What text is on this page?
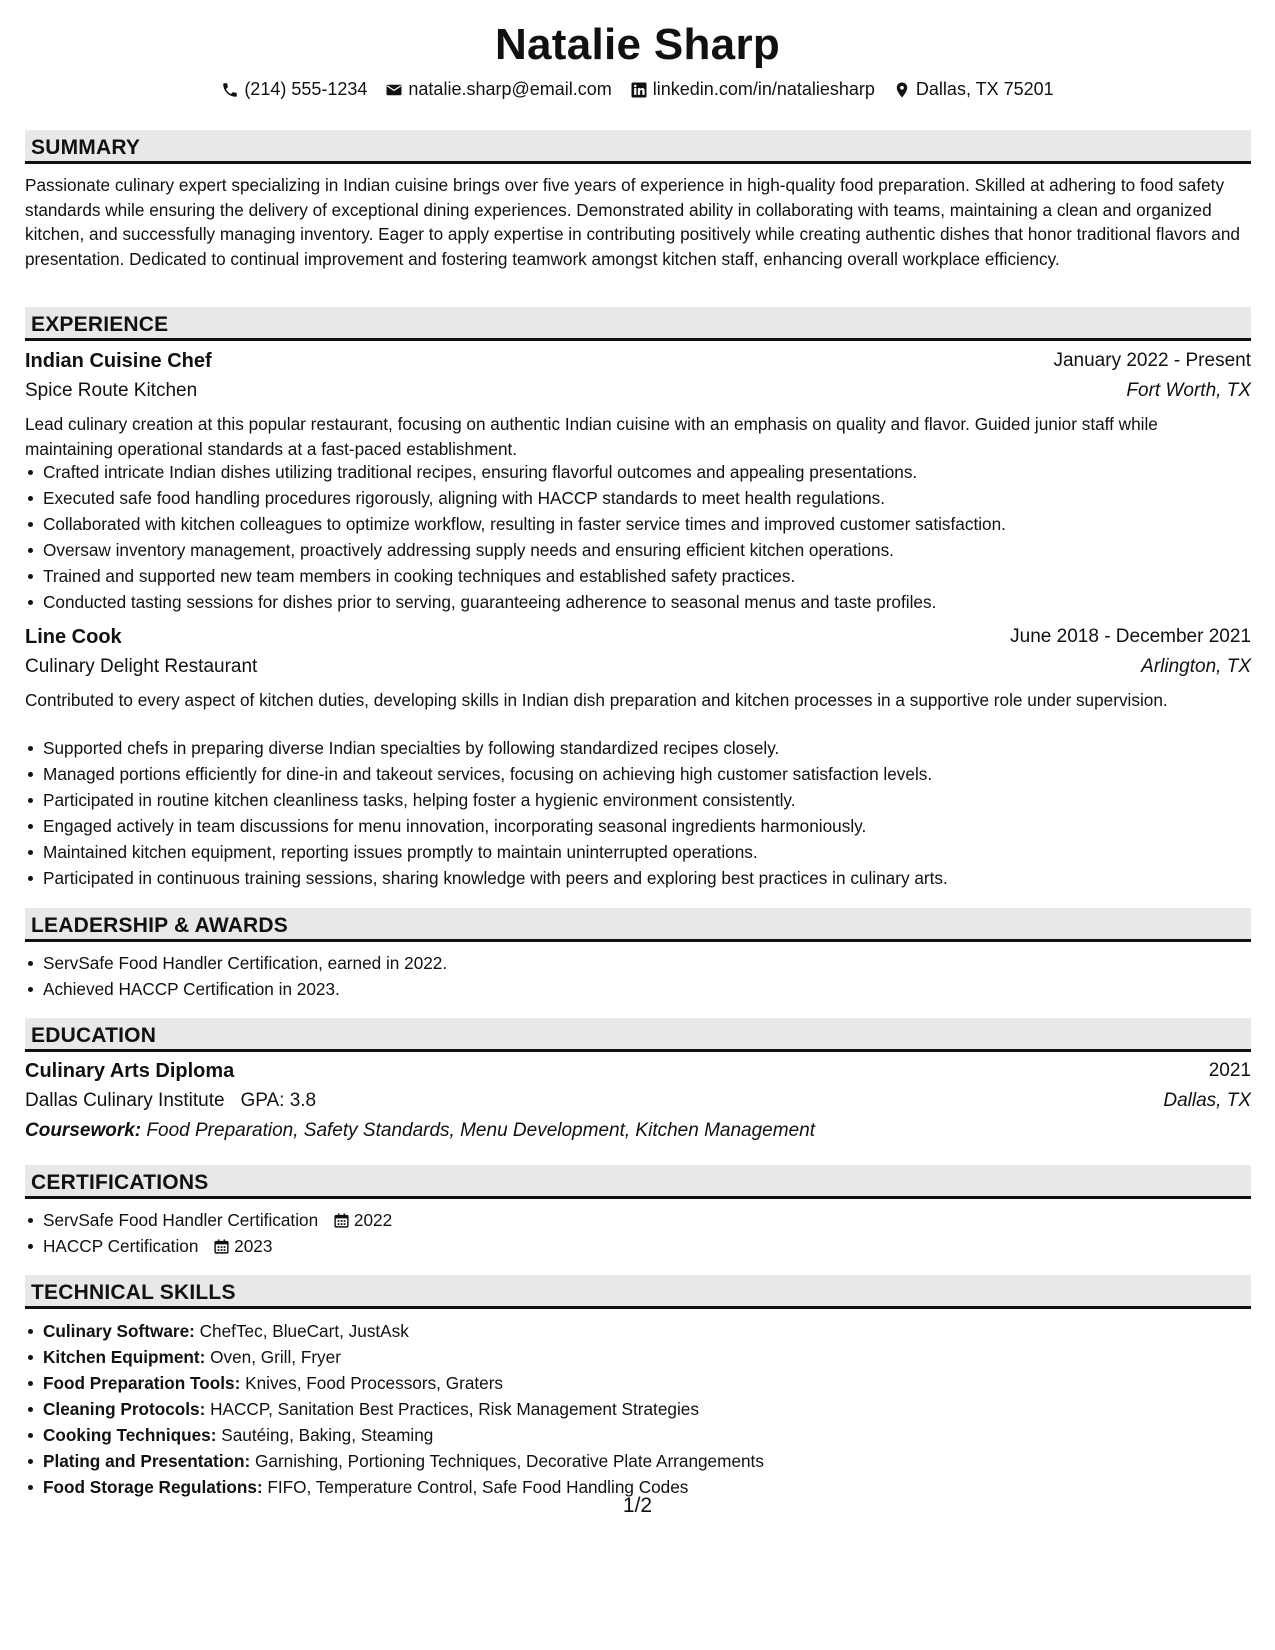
Natalie Sharp
(214) 555-1234 natalie.sharp@email.com linkedin.com/in/nataliesharp Dallas, TX 75201
SUMMARY
Passionate culinary expert specializing in Indian cuisine brings over five years of experience in high-quality food preparation. Skilled at adhering to food safety standards while ensuring the delivery of exceptional dining experiences. Demonstrated ability in collaborating with teams, maintaining a clean and organized kitchen, and successfully managing inventory. Eager to apply expertise in contributing positively while creating authentic dishes that honor traditional flavors and presentation. Dedicated to continual improvement and fostering teamwork amongst kitchen staff, enhancing overall workplace efficiency.
EXPERIENCE
Indian Cuisine Chef	January 2022 - Present
Spice Route Kitchen	Fort Worth, TX
Lead culinary creation at this popular restaurant, focusing on authentic Indian cuisine with an emphasis on quality and flavor. Guided junior staff while maintaining operational standards at a fast-paced establishment.
Crafted intricate Indian dishes utilizing traditional recipes, ensuring flavorful outcomes and appealing presentations.
Executed safe food handling procedures rigorously, aligning with HACCP standards to meet health regulations.
Collaborated with kitchen colleagues to optimize workflow, resulting in faster service times and improved customer satisfaction.
Oversaw inventory management, proactively addressing supply needs and ensuring efficient kitchen operations.
Trained and supported new team members in cooking techniques and established safety practices.
Conducted tasting sessions for dishes prior to serving, guaranteeing adherence to seasonal menus and taste profiles.
Line Cook	June 2018 - December 2021
Culinary Delight Restaurant	Arlington, TX
Contributed to every aspect of kitchen duties, developing skills in Indian dish preparation and kitchen processes in a supportive role under supervision.
Supported chefs in preparing diverse Indian specialties by following standardized recipes closely.
Managed portions efficiently for dine-in and takeout services, focusing on achieving high customer satisfaction levels.
Participated in routine kitchen cleanliness tasks, helping foster a hygienic environment consistently.
Engaged actively in team discussions for menu innovation, incorporating seasonal ingredients harmoniously.
Maintained kitchen equipment, reporting issues promptly to maintain uninterrupted operations.
Participated in continuous training sessions, sharing knowledge with peers and exploring best practices in culinary arts.
LEADERSHIP & AWARDS
ServSafe Food Handler Certification, earned in 2022.
Achieved HACCP Certification in 2023.
EDUCATION
Culinary Arts Diploma	2021
Dallas Culinary Institute GPA: 3.8	Dallas, TX
Coursework: Food Preparation, Safety Standards, Menu Development, Kitchen Management
CERTIFICATIONS
ServSafe Food Handler Certification 2022
HACCP Certification 2023
TECHNICAL SKILLS
Culinary Software: ChefTec, BlueCart, JustAsk
Kitchen Equipment: Oven, Grill, Fryer
Food Preparation Tools: Knives, Food Processors, Graters
Cleaning Protocols: HACCP, Sanitation Best Practices, Risk Management Strategies
Cooking Techniques: Sautéing, Baking, Steaming
Plating and Presentation: Garnishing, Portioning Techniques, Decorative Plate Arrangements
Food Storage Regulations: FIFO, Temperature Control, Safe Food Handling Codes
1/2
